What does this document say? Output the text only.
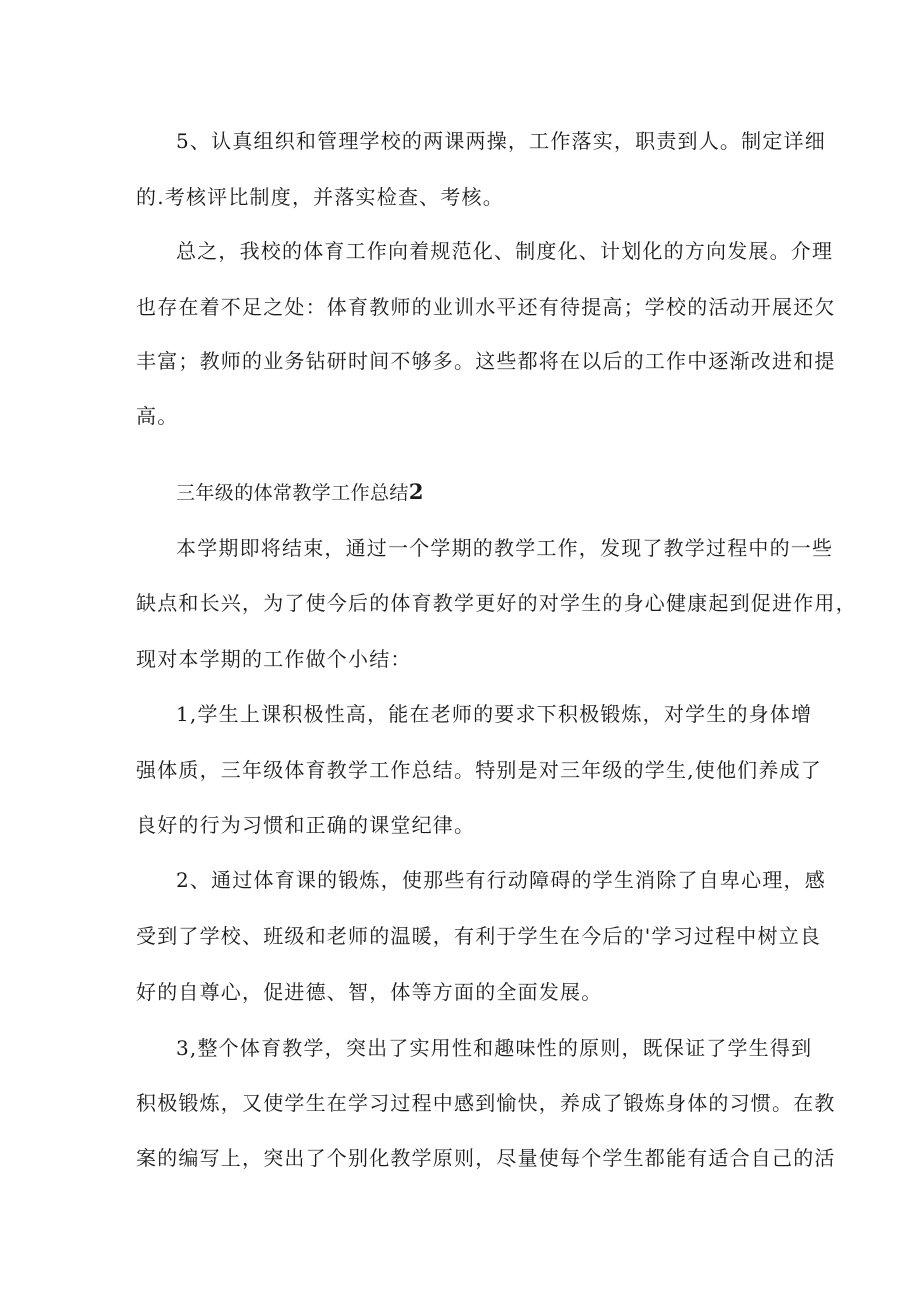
5、认真组织和管理学校的两课两操，工作落实，职责到人。制定详细
的.考核评比制度，并落实检查、考核。
总之，我校的体育工作向着规范化、制度化、计划化的方向发展。介理
也存在着不足之处：体育教师的业训水平还有待提高；学校的活动开展还欠
丰富；教师的业务钻研时间不够多。这些都将在以后的工作中逐渐改进和提
高。
三年级的体常教学工作总结2
本学期即将结束，通过一个学期的教学工作，发现了教学过程中的一些
缺点和长兴，为了使今后的体育教学更好的对学生的身心健康起到促进作用，
现对本学期的工作做个小结：
1,学生上课积极性高，能在老师的要求下积极锻炼，对学生的身体增
强体质，三年级体育教学工作总结。特别是对三年级的学生,使他们养成了
良好的行为习惯和正确的课堂纪律。
2、通过体育课的锻炼，使那些有行动障碍的学生消除了自卑心理，感
受到了学校、班级和老师的温暖，有利于学生在今后的'学习过程中树立良
好的自尊心，促进德、智，体等方面的全面发展。
3,整个体育教学，突出了实用性和趣味性的原则，既保证了学生得到
积极锻炼，又使学生在学习过程中感到愉快，养成了锻炼身体的习惯。在教
案的编写上，突出了个别化教学原则，尽量使每个学生都能有适合自己的活
